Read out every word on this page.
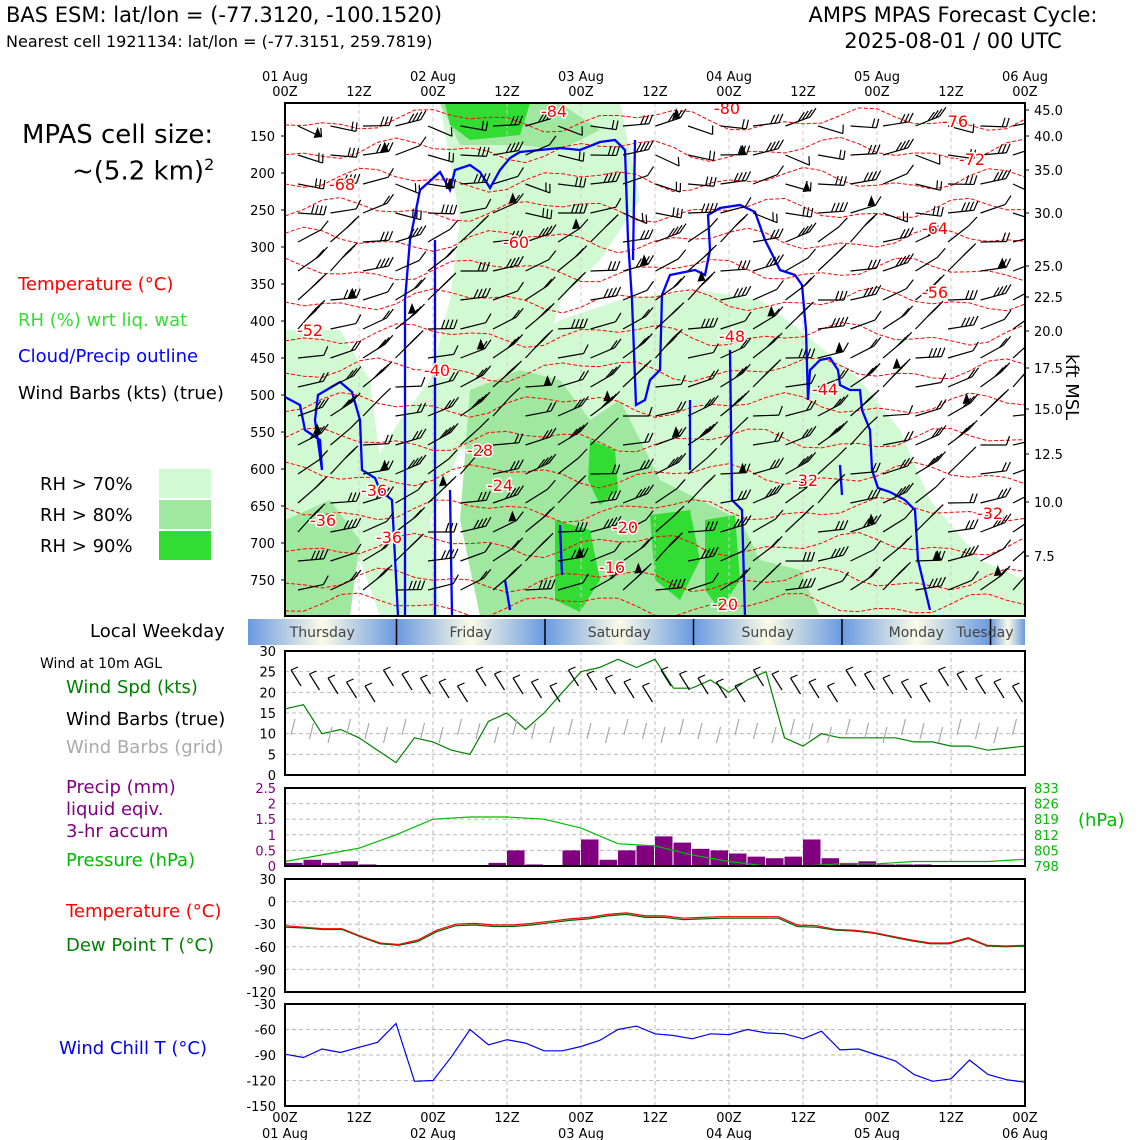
BAS ESM: lat/lon = (-77.3120, -100.1520)
Nearest cell 1921134: lat/lon = (-77.3151, 259.7819)
AMPS MPAS Forecast Cycle:
2025-08-01 / 00 UTC
MPAS cell size:
~(5.2 km)$^2$
Temperature (°C)
RH (%) wrt liq. wat
Cloud/Precip outline
Wind Barbs (kts) (true)
RH > 70%
RH > 80%
RH > 90%
Local Weekday
Wind at 10m AGL
Wind Spd (kts)
Wind Barbs (true)
Wind Barbs (grid)
Precip (mm)
liquid eqiv.
3-hr accum
Pressure (hPa)
(hPa)
Temperature (°C)
Dew Point T (°C)
Wind Chill T (°C)
kft MSL
-84	-80
-76
-72
-68
-64
-60
-56
-52	-48
-44
-40
-36
-36
-36
-32
-32
-28
-24
-20
-16
-20
150
200
250
300
350
400
450
500
550
600
650
700
750
45.0
40.0
35.0
30.0
25.0
22.5
20.0
17.5
15.0
12.5
10.0
7.5
01 Aug
00Z	12Z
02 Aug
00Z	12Z
03 Aug
00Z	12Z
04 Aug
00Z	12Z
05 Aug
00Z	12Z
06 Aug
00Z
Thursday	Friday	Saturday	Sunday	Monday Tuesday
0
5
10
15
20
25
30
0
0.5
1
1.5
2
2.5
798
805
812
819
826
833
-120
-90
-60
-30
0
30
-150
-120
-90
-60
-30
00Z
01 Aug
12Z	00Z
02 Aug
12Z	00Z
03 Aug
12Z	00Z
04 Aug
12Z	00Z
05 Aug
12Z	00Z
06 Aug
